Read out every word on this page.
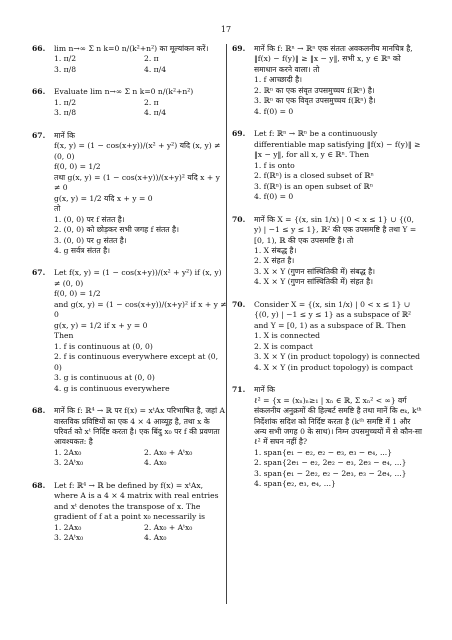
17
66. lim n→∞ Σ n k=0 n/(k²+n²) का मूल्यांकन करें।
1. π/2	2. π
3. π/8	4. π/4
66. Evaluate lim n→∞ Σ n k=0 n/(k²+n²)
1. π/2	2. π
3. π/8	4. π/4
67. मानें कि
f(x, y) = (1 − cos(x+y))/(x² + y²) यदि (x, y) ≠ (0, 0)
f(0, 0) = 1/2
तथा g(x, y) = (1 − cos(x+y))/(x+y)² यदि x + y ≠ 0
g(x, y) = 1/2 यदि x + y = 0
तो
1. (0, 0) पर f संतत है।
2. (0, 0) को छोड़कर सभी जगह f संतत है।
3. (0, 0) पर g संतत है।
4. g सर्वत्र संतत है।
67. Let f(x, y) = (1 − cos(x+y))/(x² + y²) if (x, y) ≠ (0, 0)
f(0, 0) = 1/2
and g(x, y) = (1 − cos(x+y))/(x+y)² if x + y ≠ 0
g(x, y) = 1/2 if x + y = 0
Then
1. f is continuous at (0, 0)
2. f is continuous everywhere except at (0, 0)
3. g is continuous at (0, 0)
4. g is continuous everywhere
68. मानें कि f: ℝ⁴ → ℝ पर f(x) = xᵗAx परिभाषित है, जहां A वास्तविक प्रविष्टियों का एक 4 × 4 आव्यूह है, तथा x के परिवर्त को xᵗ निर्दिष्ट करता है। एक बिंदु x₀ पर f की प्रवणता आवश्यकत: है
1. 2Ax₀	2. Ax₀ + Aᵗx₀
3. 2Aᵗx₀	4. Ax₀
68. Let f: ℝ⁴ → ℝ be defined by f(x) = xᵗAx, where A is a 4 × 4 matrix with real entries and xᵗ denotes the transpose of x. The gradient of f at a point x₀ necessarily is
1. 2Ax₀	2. Ax₀ + Aᵗx₀
3. 2Aᵗx₀	4. Ax₀
69. मानें कि f: ℝⁿ → ℝⁿ एक संततः अवकलनीय मानचित्र है, ‖f(x) − f(y)‖ ≥ ‖x − y‖, सभी x, y ∈ ℝⁿ को समाधान करने वाला। तो
1. f आच्छादी है।
2. ℝⁿ का एक संवृत उपसमुच्चय f(ℝⁿ) है।
3. ℝⁿ का एक विवृत उपसमुच्चय f(ℝⁿ) है।
4. f(0) = 0
69. Let f: ℝⁿ → ℝⁿ be a continuously differentiable map satisfying ‖f(x) − f(y)‖ ≥ ‖x − y‖, for all x, y ∈ ℝⁿ. Then
1. f is onto
2. f(ℝⁿ) is a closed subset of ℝⁿ
3. f(ℝⁿ) is an open subset of ℝⁿ
4. f(0) = 0
70. मानें कि X = {(x, sin 1/x) | 0 < x ≤ 1} ∪ {(0, y) | −1 ≤ y ≤ 1}, ℝ² की एक उपसमष्टि है तथा Y = [0, 1), ℝ की एक उपसमष्टि है। तो
1. X संबद्ध है।
2. X संहत है।
3. X × Y (गुणन सांस्थितिकी में) संबद्ध है।
4. X × Y (गुणन सांस्थितिकी में) संहत है।
70. Consider X = {(x, sin 1/x) | 0 < x ≤ 1} ∪ {(0, y) | −1 ≤ y ≤ 1} as a subspace of ℝ² and Y = [0, 1) as a subspace of ℝ. Then
1. X is connected
2. X is compact
3. X × Y (in product topology) is connected
4. X × Y (in product topology) is compact
71. मानें कि
ℓ² = {x = (xₙ)ₙ≥₁ | xₙ ∈ ℝ, Σ xₙ² < ∞} वर्ग संकलनीय अनुक्रमों की हिल्बर्ट समष्टि है तथा मानें कि eₖ, kᵗʰ निर्देशांक सदिश को निर्दिष्ट करता है (kᵗʰ समष्टि में 1 और अन्य सभी जगह 0 के साथ)। निम्न उपसमुच्चयों में से कौन-सा ℓ² में सघन नहीं है?
1. span{e₁ − e₂, e₂ − e₃, e₃ − e₄, ...}
2. span{2e₁ − e₂, 2e₂ − e₃, 2e₃ − e₄, ...}
3. span{e₁ − 2e₂, e₂ − 2e₃, e₃ − 2e₄, ...}
4. span{e₂, e₃, e₄, ...}
